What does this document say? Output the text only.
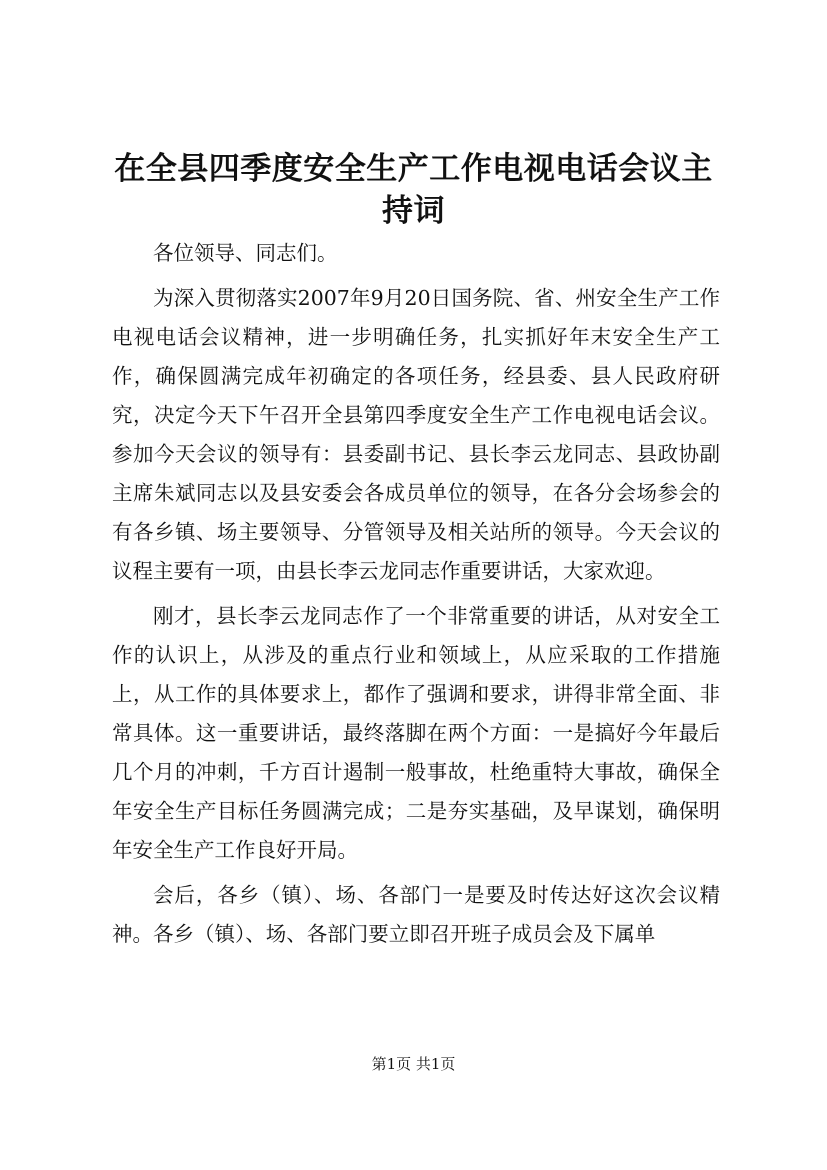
在全县四季度安全生产工作电视电话会议主持词

各位领导、同志们。

为深入贯彻落实2007年9月20日国务院、省、州安全生产工作电视电话会议精神，进一步明确任务，扎实抓好年末安全生产工作，确保圆满完成年初确定的各项任务，经县委、县人民政府研究，决定今天下午召开全县第四季度安全生产工作电视电话会议。参加今天会议的领导有：县委副书记、县长李云龙同志、县政协副主席朱斌同志以及县安委会各成员单位的领导，在各分会场参会的有各乡镇、场主要领导、分管领导及相关站所的领导。今天会议的议程主要有一项，由县长李云龙同志作重要讲话，大家欢迎。

刚才，县长李云龙同志作了一个非常重要的讲话，从对安全工作的认识上，从涉及的重点行业和领域上，从应采取的工作措施上，从工作的具体要求上，都作了强调和要求，讲得非常全面、非常具体。这一重要讲话，最终落脚在两个方面：一是搞好今年最后几个月的冲刺，千方百计遏制一般事故，杜绝重特大事故，确保全年安全生产目标任务圆满完成；二是夯实基础，及早谋划，确保明年安全生产工作良好开局。

会后，各乡（镇）、场、各部门一是要及时传达好这次会议精神。各乡（镇）、场、各部门要立即召开班子成员会及下属单

第1页 共1页
